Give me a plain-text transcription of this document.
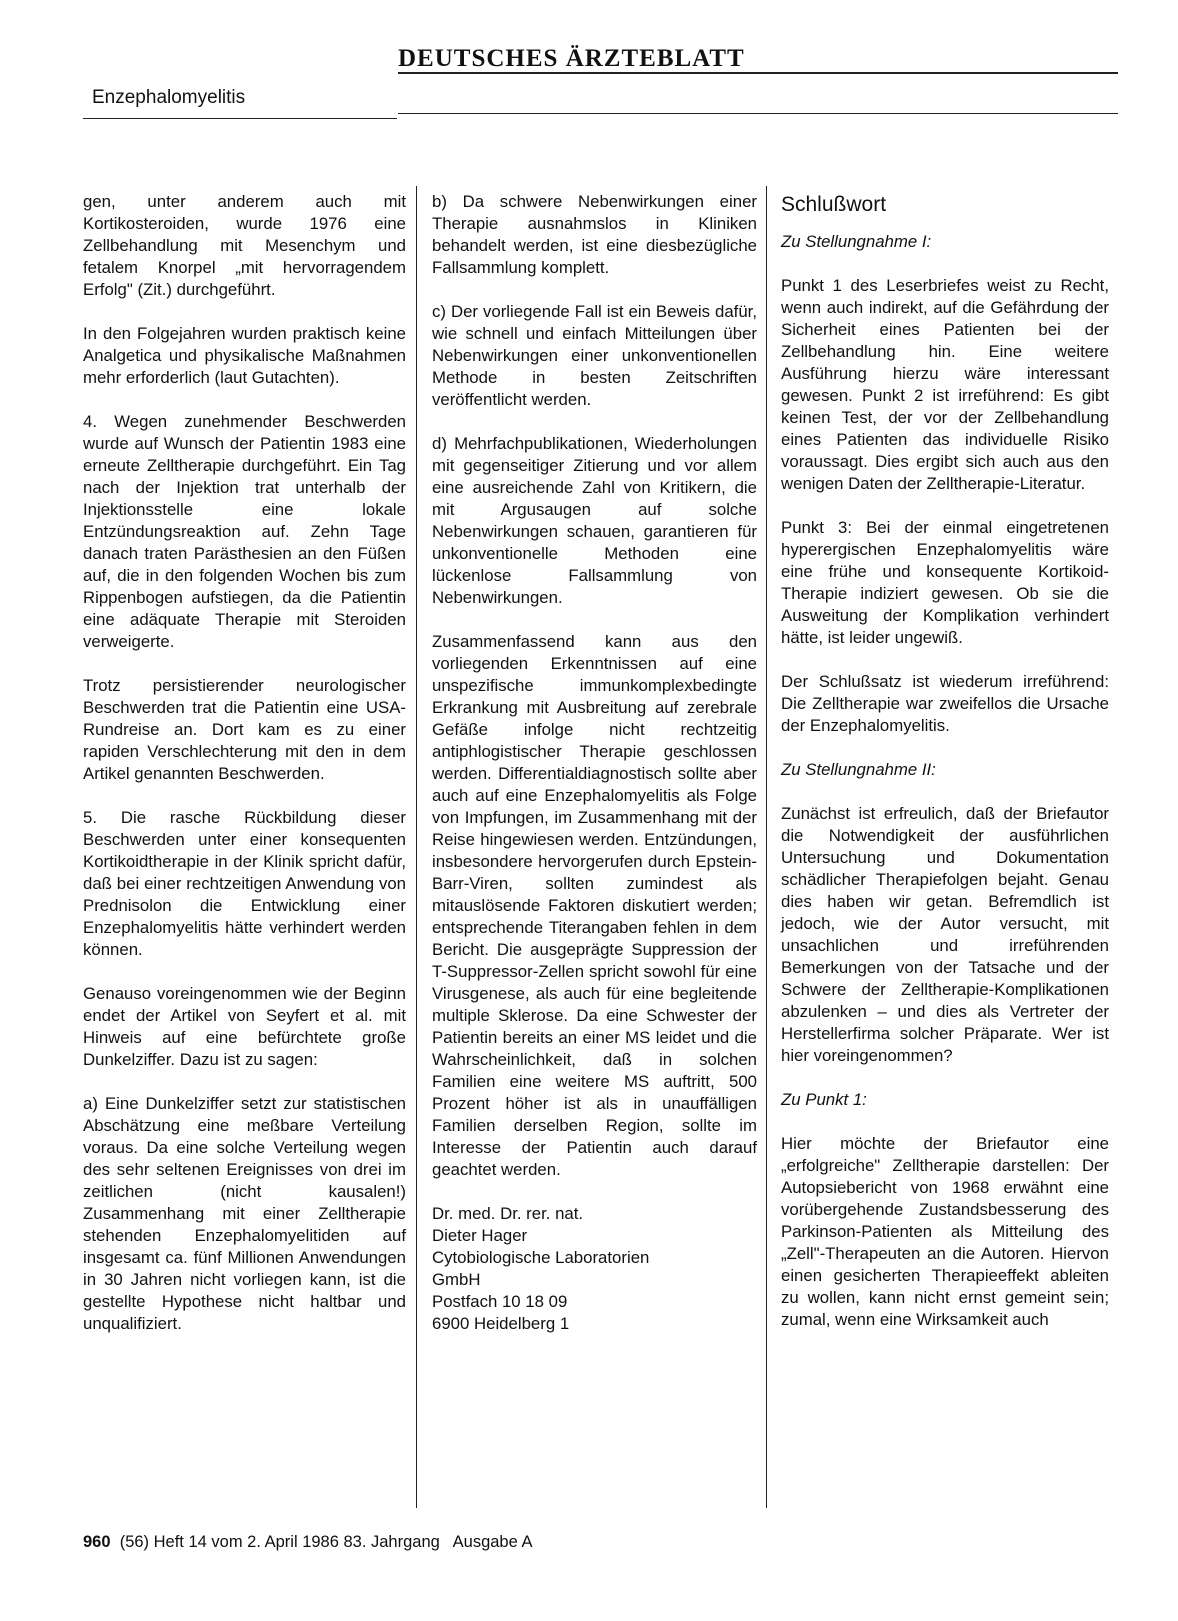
DEUTSCHES ÄRZTEBLATT
Enzephalomyelitis

gen, unter anderem auch mit Kortikosteroiden, wurde 1976 eine Zellbehandlung mit Mesenchym und fetalem Knorpel „mit hervorragendem Erfolg" (Zit.) durchgeführt.

In den Folgejahren wurden praktisch keine Analgetica und physikalische Maßnahmen mehr erforderlich (laut Gutachten).

4. Wegen zunehmender Beschwerden wurde auf Wunsch der Patientin 1983 eine erneute Zelltherapie durchgeführt. Ein Tag nach der Injektion trat unterhalb der Injektionsstelle eine lokale Entzündungsreaktion auf. Zehn Tage danach traten Parästhesien an den Füßen auf, die in den folgenden Wochen bis zum Rippenbogen aufstiegen, da die Patientin eine adäquate Therapie mit Steroiden verweigerte.

Trotz persistierender neurologischer Beschwerden trat die Patientin eine USA-Rundreise an. Dort kam es zu einer rapiden Verschlechterung mit den in dem Artikel genannten Beschwerden.

5. Die rasche Rückbildung dieser Beschwerden unter einer konsequenten Kortikoidtherapie in der Klinik spricht dafür, daß bei einer rechtzeitigen Anwendung von Prednisolon die Entwicklung einer Enzephalomyelitis hätte verhindert werden können.

Genauso voreingenommen wie der Beginn endet der Artikel von Seyfert et al. mit Hinweis auf eine befürchtete große Dunkelziffer. Dazu ist zu sagen:

a) Eine Dunkelziffer setzt zur statistischen Abschätzung eine meßbare Verteilung voraus. Da eine solche Verteilung wegen des sehr seltenen Ereignisses von drei im zeitlichen (nicht kausalen!) Zusammenhang mit einer Zelltherapie stehenden Enzephalomyelitiden auf insgesamt ca. fünf Millionen Anwendungen in 30 Jahren nicht vorliegen kann, ist die gestellte Hypothese nicht haltbar und unqualifiziert.

b) Da schwere Nebenwirkungen einer Therapie ausnahmslos in Kliniken behandelt werden, ist eine diesbezügliche Fallsammlung komplett.

c) Der vorliegende Fall ist ein Beweis dafür, wie schnell und einfach Mitteilungen über Nebenwirkungen einer unkonventionellen Methode in besten Zeitschriften veröffentlicht werden.

d) Mehrfachpublikationen, Wiederholungen mit gegenseitiger Zitierung und vor allem eine ausreichende Zahl von Kritikern, die mit Argusaugen auf solche Nebenwirkungen schauen, garantieren für unkonventionelle Methoden eine lückenlose Fallsammlung von Nebenwirkungen.

Zusammenfassend kann aus den vorliegenden Erkenntnissen auf eine unspezifische immunkomplexbedingte Erkrankung mit Ausbreitung auf zerebrale Gefäße infolge nicht rechtzeitig antiphlogistischer Therapie geschlossen werden. Differentialdiagnostisch sollte aber auch auf eine Enzephalomyelitis als Folge von Impfungen, im Zusammenhang mit der Reise hingewiesen werden. Entzündungen, insbesondere hervorgerufen durch Epstein-Barr-Viren, sollten zumindest als mitauslösende Faktoren diskutiert werden; entsprechende Titerangaben fehlen in dem Bericht. Die ausgeprägte Suppression der T-Suppressor-Zellen spricht sowohl für eine Virusgenese, als auch für eine begleitende multiple Sklerose. Da eine Schwester der Patientin bereits an einer MS leidet und die Wahrscheinlichkeit, daß in solchen Familien eine weitere MS auftritt, 500 Prozent höher ist als in unauffälligen Familien derselben Region, sollte im Interesse der Patientin auch darauf geachtet werden.

Dr. med. Dr. rer. nat.
Dieter Hager
Cytobiologische Laboratorien
GmbH
Postfach 10 18 09
6900 Heidelberg 1

Schlußwort

Zu Stellungnahme I:

Punkt 1 des Leserbriefes weist zu Recht, wenn auch indirekt, auf die Gefährdung der Sicherheit eines Patienten bei der Zellbehandlung hin. Eine weitere Ausführung hierzu wäre interessant gewesen. Punkt 2 ist irreführend: Es gibt keinen Test, der vor der Zellbehandlung eines Patienten das individuelle Risiko voraussagt. Dies ergibt sich auch aus den wenigen Daten der Zelltherapie-Literatur.

Punkt 3: Bei der einmal eingetretenen hyperergischen Enzephalomyelitis wäre eine frühe und konsequente Kortikoid-Therapie indiziert gewesen. Ob sie die Ausweitung der Komplikation verhindert hätte, ist leider ungewiß.

Der Schlußsatz ist wiederum irreführend: Die Zelltherapie war zweifellos die Ursache der Enzephalomyelitis.

Zu Stellungnahme II:

Zunächst ist erfreulich, daß der Briefautor die Notwendigkeit der ausführlichen Untersuchung und Dokumentation schädlicher Therapiefolgen bejaht. Genau dies haben wir getan. Befremdlich ist jedoch, wie der Autor versucht, mit unsachlichen und irreführenden Bemerkungen von der Tatsache und der Schwere der Zelltherapie-Komplikationen abzulenken – und dies als Vertreter der Herstellerfirma solcher Präparate. Wer ist hier voreingenommen?

Zu Punkt 1:

Hier möchte der Briefautor eine „erfolgreiche" Zelltherapie darstellen: Der Autopsiebericht von 1968 erwähnt eine vorübergehende Zustandsbesserung des Parkinson-Patienten als Mitteilung des „Zell"-Therapeuten an die Autoren. Hiervon einen gesicherten Therapieeffekt ableiten zu wollen, kann nicht ernst gemeint sein; zumal, wenn eine Wirksamkeit auch

960 (56) Heft 14 vom 2. April 1986 83. Jahrgang   Ausgabe A
